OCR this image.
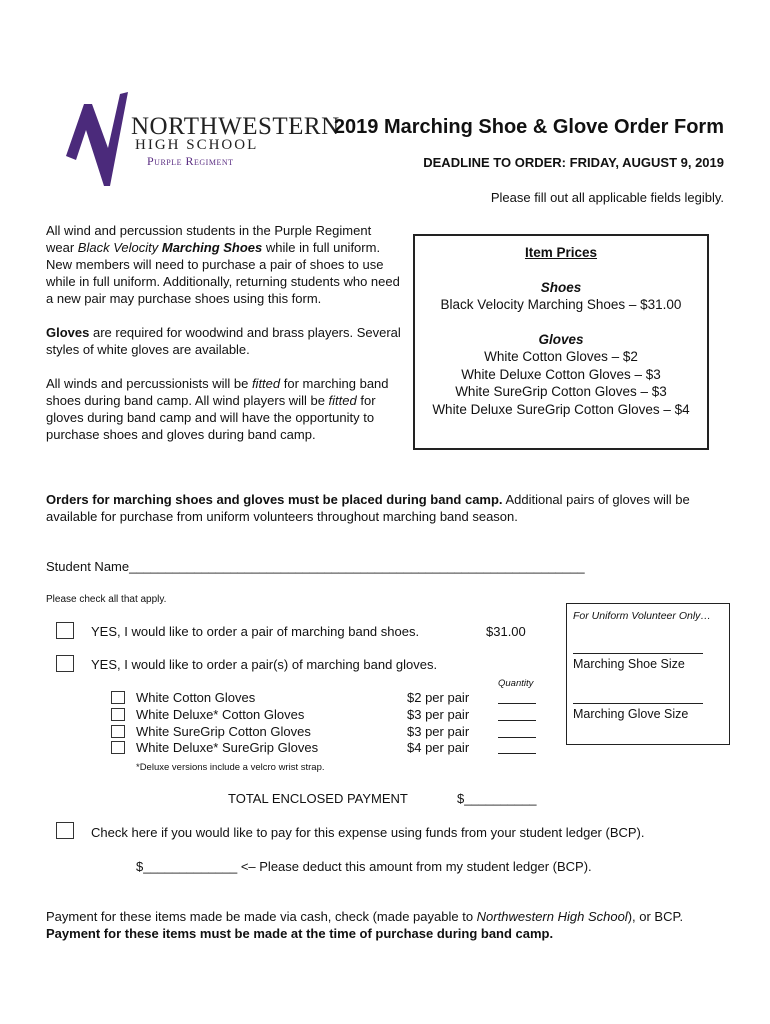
NORTHWESTERN
HIGH SCHOOL
Purple Regiment
2019 Marching Shoe & Glove Order Form
DEADLINE TO ORDER: FRIDAY, AUGUST 9, 2019
Please fill out all applicable fields legibly.

All wind and percussion students in the Purple Regiment wear Black Velocity Marching Shoes while in full uniform. New members will need to purchase a pair of shoes to use while in full uniform. Additionally, returning students who need a new pair may purchase shoes using this form.

Gloves are required for woodwind and brass players. Several styles of white gloves are available.

All winds and percussionists will be fitted for marching band shoes during band camp. All wind players will be fitted for gloves during band camp and will have the opportunity to purchase shoes and gloves during band camp.

Item Prices
Shoes
Black Velocity Marching Shoes – $31.00
Gloves
White Cotton Gloves – $2
White Deluxe Cotton Gloves – $3
White SureGrip Cotton Gloves – $3
White Deluxe SureGrip Cotton Gloves – $4
Orders for marching shoes and gloves must be placed during band camp. Additional pairs of gloves will be available for purchase from uniform volunteers throughout marching band season.
Student Name_______________________________________________________________
Please check all that apply.
For Uniform Volunteer Only…
Marching Shoe Size
Marching Glove Size
YES, I would like to order a pair of marching band shoes.	$31.00
YES, I would like to order a pair(s) of marching band gloves.
Quantity
White Cotton Gloves	$2 per pair
White Deluxe* Cotton Gloves	$3 per pair
White SureGrip Cotton Gloves	$3 per pair
White Deluxe* SureGrip Gloves	$4 per pair
*Deluxe versions include a velcro wrist strap.
TOTAL ENCLOSED PAYMENT	$__________
Check here if you would like to pay for this expense using funds from your student ledger (BCP).
$_____________ <– Please deduct this amount from my student ledger (BCP).
Payment for these items made be made via cash, check (made payable to Northwestern High School), or BCP.
Payment for these items must be made at the time of purchase during band camp.
